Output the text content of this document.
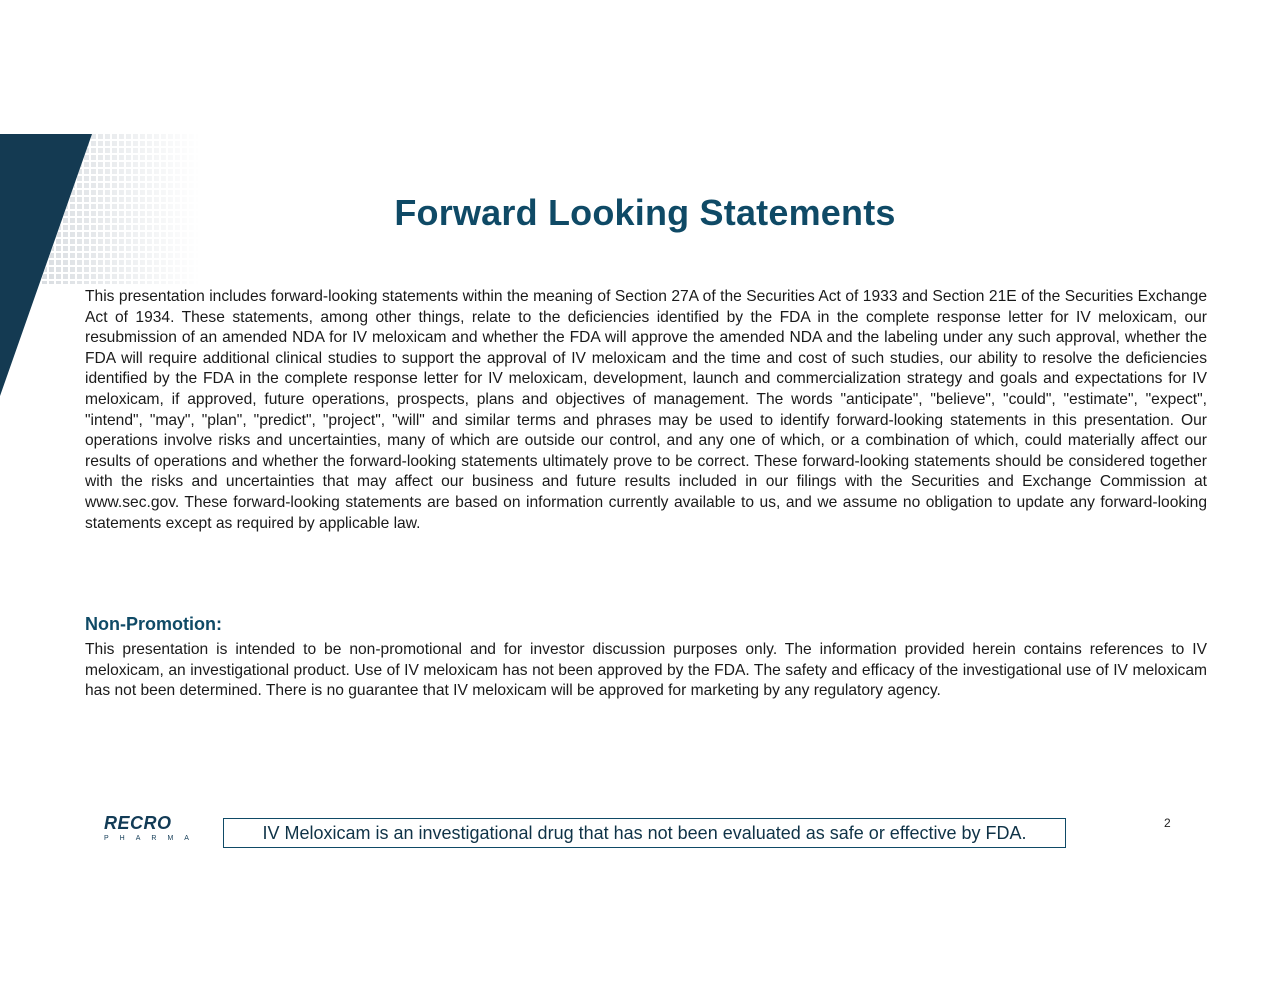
Forward Looking Statements

This presentation includes forward-looking statements within the meaning of Section 27A of the Securities Act of 1933 and Section 21E of the Securities Exchange Act of 1934. These statements, among other things, relate to the deficiencies identified by the FDA in the complete response letter for IV meloxicam, our resubmission of an amended NDA for IV meloxicam and whether the FDA will approve the amended NDA and the labeling under any such approval, whether the FDA will require additional clinical studies to support the approval of IV meloxicam and the time and cost of such studies, our ability to resolve the deficiencies identified by the FDA in the complete response letter for IV meloxicam, development, launch and commercialization strategy and goals and expectations for IV meloxicam, if approved, future operations, prospects, plans and objectives of management. The words "anticipate", "believe", "could", "estimate", "expect", "intend", "may", "plan", "predict", "project", "will" and similar terms and phrases may be used to identify forward-looking statements in this presentation. Our operations involve risks and uncertainties, many of which are outside our control, and any one of which, or a combination of which, could materially affect our results of operations and whether the forward-looking statements ultimately prove to be correct. These forward-looking statements should be considered together with the risks and uncertainties that may affect our business and future results included in our filings with the Securities and Exchange Commission at www.sec.gov. These forward-looking statements are based on information currently available to us, and we assume no obligation to update any forward-looking statements except as required by applicable law.

Non-Promotion:

This presentation is intended to be non-promotional and for investor discussion purposes only. The information provided herein contains references to IV meloxicam, an investigational product. Use of IV meloxicam has not been approved by the FDA. The safety and efficacy of the investigational use of IV meloxicam has not been determined. There is no guarantee that IV meloxicam will be approved for marketing by any regulatory agency.

RECRO
PHARMA	IV Meloxicam is an investigational drug that has not been evaluated as safe or effective by FDA.	2
